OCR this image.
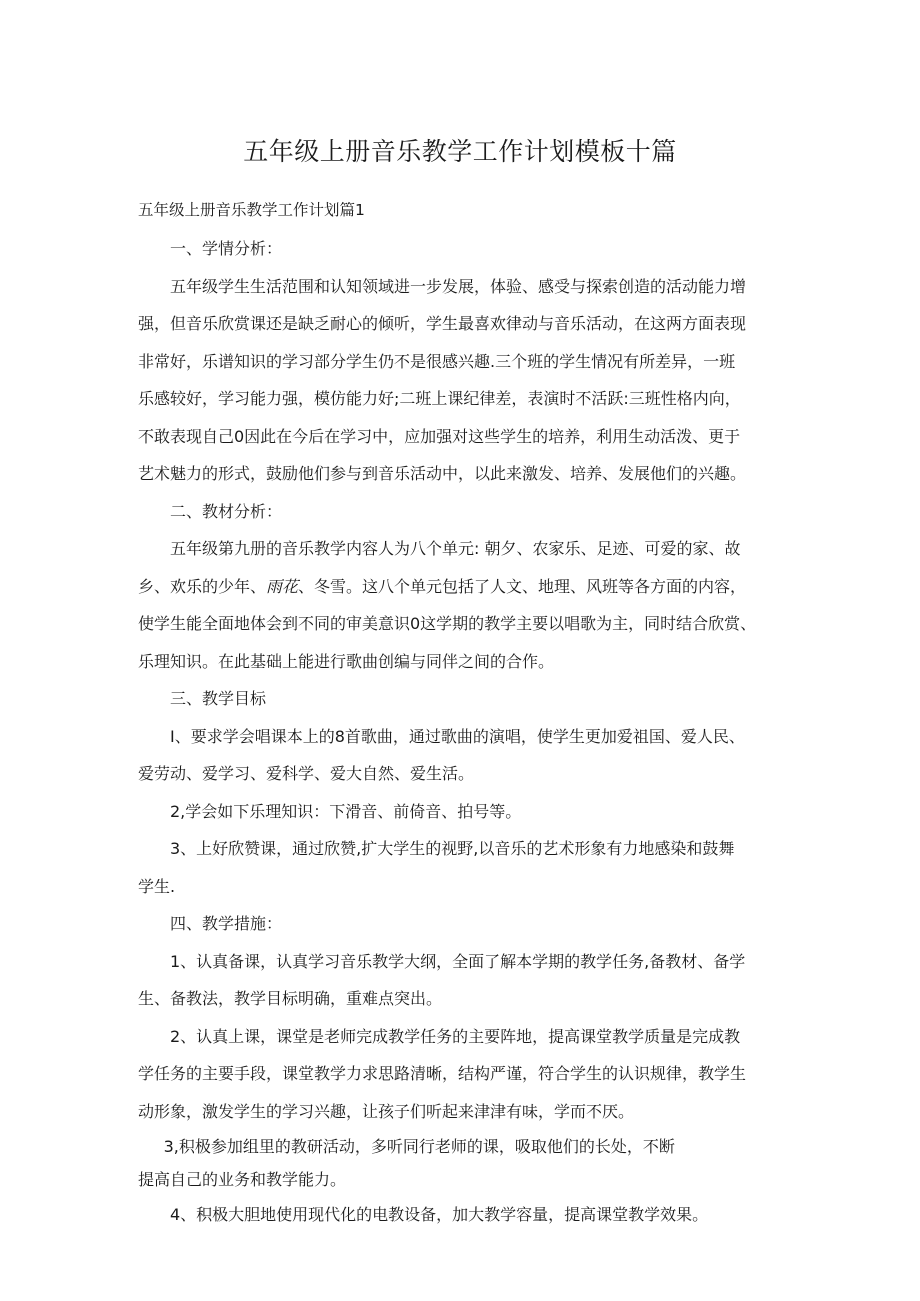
五年级上册音乐教学工作计划模板十篇
五年级上册音乐教学工作计划篇1

一、学情分析：

五年级学生生活范围和认知领域进一步发展，体验、感受与探索创造的活动能力增
强，但音乐欣赏课还是缺乏耐心的倾听，学生最喜欢律动与音乐活动，在这两方面表现
非常好，乐谱知识的学习部分学生仍不是很感兴趣.三个班的学生情况有所差异，一班
乐感较好，学习能力强，模仿能力好;二班上课纪律差，表演时不活跃:三班性格内向，
不敢表现自己0因此在今后在学习中，应加强对这些学生的培养，利用生动活泼、更于
艺术魅力的形式，鼓励他们参与到音乐活动中，以此来激发、培养、发展他们的兴趣。

二、教材分析：

五年级第九册的音乐教学内容人为八个单元: 朝夕、农家乐、足迹、可爱的家、故
乡、欢乐的少年、雨花、冬雪。这八个单元包括了人文、地理、风班等各方面的内容，
使学生能全面地体会到不同的审美意识0这学期的教学主要以唱歌为主，同时结合欣赏、
乐理知识。在此基础上能进行歌曲创编与同伴之间的合作。

三、教学目标

I、要求学会唱课本上的8首歌曲，通过歌曲的演唱，使学生更加爱祖国、爱人民、
爱劳动、爱学习、爱科学、爱大自然、爱生活。

2,学会如下乐理知识：下滑音、前倚音、拍号等。

3、上好欣赞课，通过欣赞,扩大学生的视野,以音乐的艺术形象有力地感染和鼓舞
学生.

四、教学措施：

1、认真备课，认真学习音乐教学大纲，全面了解本学期的教学任务,备教材、备学
生、备教法，教学目标明确，重难点突出。

2、认真上课，课堂是老师完成教学任务的主要阵地，提高课堂教学质量是完成教
学任务的主要手段，课堂教学力求思路清晰，结构严谨，符合学生的认识规律，教学生
动形象，激发学生的学习兴趣，让孩子们听起来津津有味，学而不厌。

3,积极参加组里的教研活动，多听同行老师的课，吸取他们的长处，不断
提高自己的业务和教学能力。

4、积极大胆地使用现代化的电教设备，加大教学容量，提高课堂教学效果。
